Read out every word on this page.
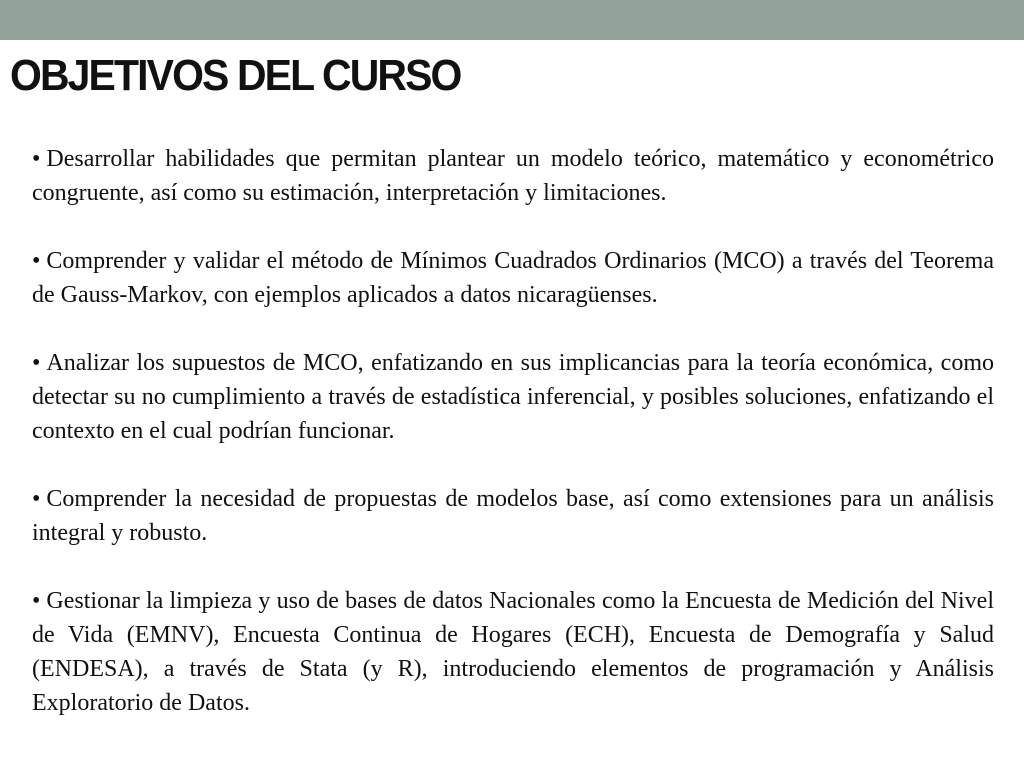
OBJETIVOS DEL CURSO
• Desarrollar habilidades que permitan plantear un modelo teórico, matemático y econométrico congruente, así como su estimación, interpretación y limitaciones.
• Comprender y validar el método de Mínimos Cuadrados Ordinarios (MCO) a través del Teorema de Gauss-Markov, con ejemplos aplicados a datos nicaragüenses.
• Analizar los supuestos de MCO, enfatizando en sus implicancias para la teoría económica, como detectar su no cumplimiento a través de estadística inferencial, y posibles soluciones, enfatizando el contexto en el cual podrían funcionar.
• Comprender la necesidad de propuestas de modelos base, así como extensiones para un análisis integral y robusto.
• Gestionar la limpieza y uso de bases de datos Nacionales como la Encuesta de Medición del Nivel de Vida (EMNV), Encuesta Continua de Hogares (ECH), Encuesta de Demografía y Salud (ENDESA), a través de Stata (y R), introduciendo elementos de programación y Análisis Exploratorio de Datos.
